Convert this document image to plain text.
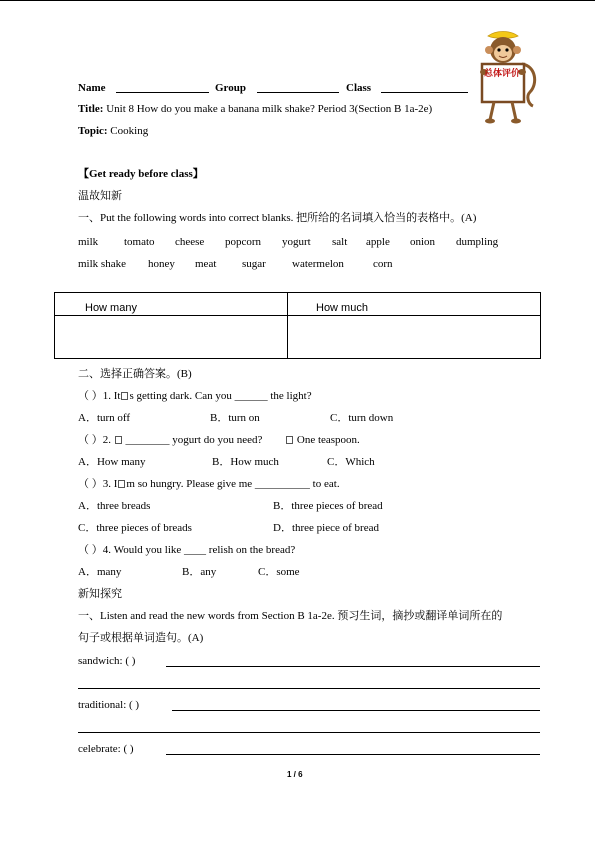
Name	Group	Class
Title: Unit 8 How do you make a banana milk shake? Period 3(Section B 1a-2e)
Topic: Cooking
总体评价
【Get ready before class】
温故知新
一、Put the following words into correct blanks. 把所给的名词填入恰当的表格中。(A)
milk tomato cheese popcorn yogurt salt apple onion dumpling
milk shake honey meat sugar watermelon	corn
How many	How much
二、选择正确答案。(B)
（ ）1. It s getting dark. Can you ______ the light?
A．turn off	B．turn on	C．turn down
（ ）2. ________ yogurt do you need?	One teaspoon.
A．How many	B．How much	C．Which
（ ）3. I m so hungry. Please give me __________ to eat.
A．three breads	B．three pieces of bread
C．three pieces of breads	D．three piece of bread
（ ）4. Would you like ____ relish on the bread?
A．many	B．any	C．some
新知探究
一、Listen and read the new words from Section B 1a-2e. 预习生词，摘抄或翻译单词所在的
句子或根据单词造句。(A)
sandwich: ( )
traditional: ( )
celebrate: ( )
1 / 6
